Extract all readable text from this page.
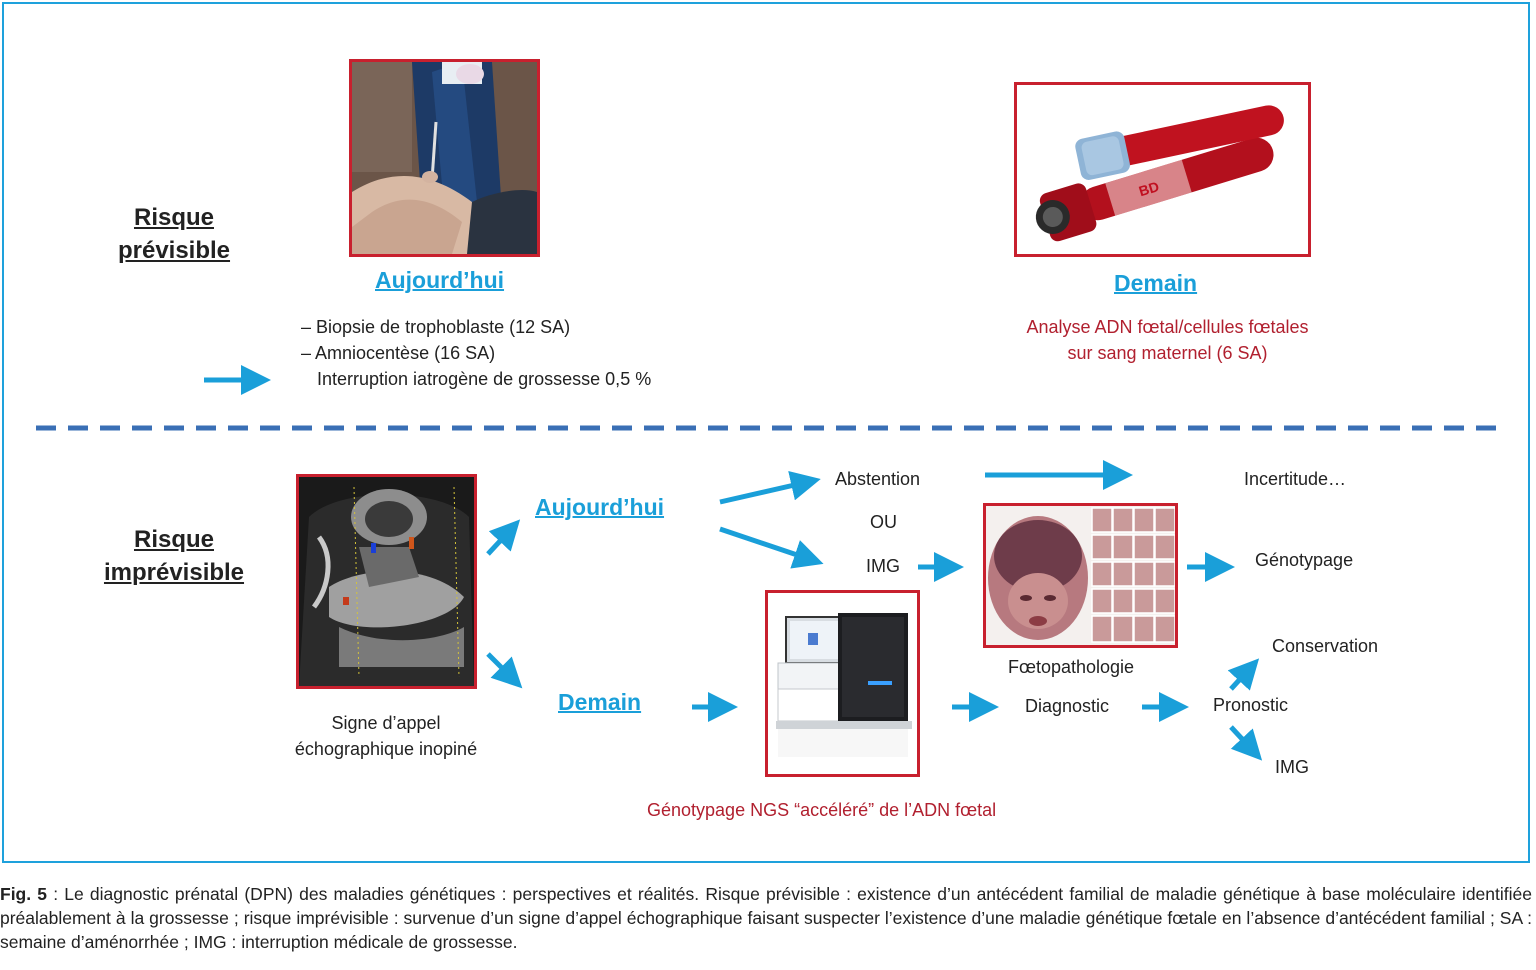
Risque
prévisible
Aujourd’hui
– Biopsie de trophoblaste (12 SA)
– Amniocentèse (16 SA)
Interruption iatrogène de grossesse 0,5 %
BD
Demain
Analyse ADN fœtal/cellules fœtales
sur sang maternel (6 SA)
Risque
imprévisible
Signe d’appel
échographique inopiné
Aujourd’hui
Demain
Abstention
OU
IMG
Incertitude…
Génotypage
Fœtopathologie
Conservation
Diagnostic	Pronostic
IMG
Génotypage NGS “accéléré” de l’ADN fœtal
Fig. 5 : Le diagnostic prénatal (DPN) des maladies génétiques : perspectives et réalités. Risque prévisible : existence d’un antécédent familial de maladie génétique à base moléculaire identifiée préalablement à la grossesse ; risque imprévisible : survenue d’un signe d’appel échographique faisant suspecter l’existence d’une maladie génétique fœtale en l’absence d’antécédent familial ; SA : semaine d’aménorrhée ; IMG : interruption médicale de grossesse.
